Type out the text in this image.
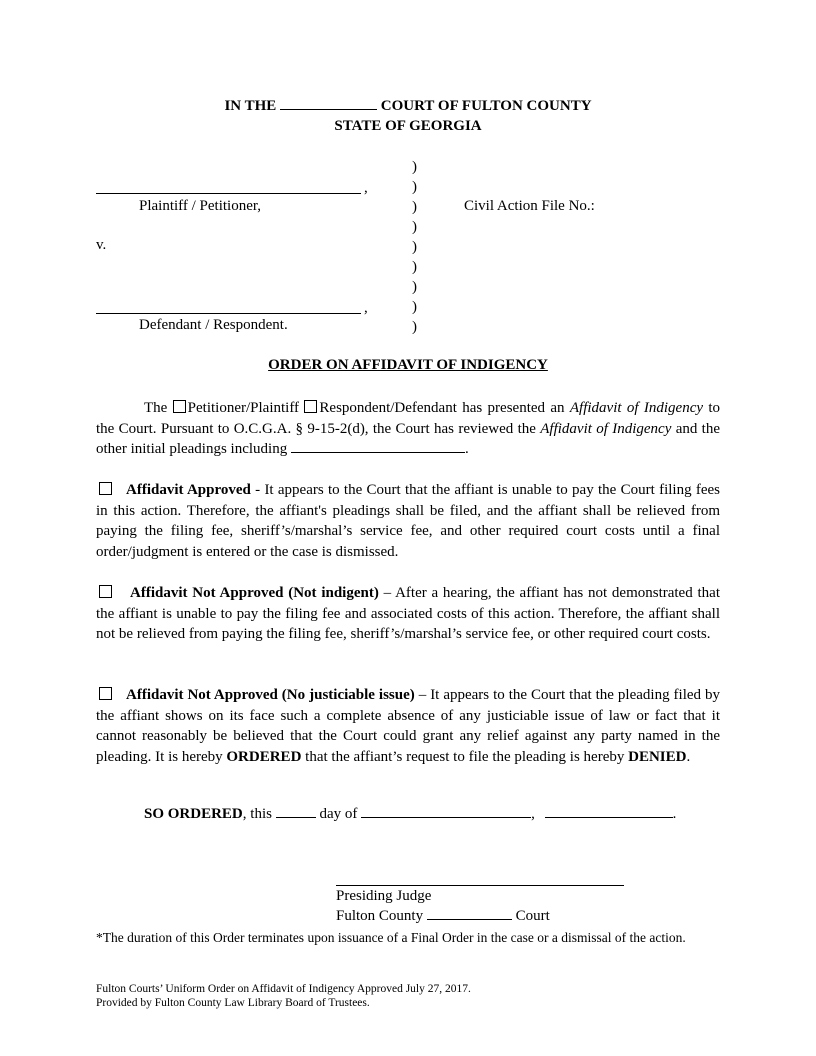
IN THE	COURT OF FULTON COUNTY
STATE OF GEORGIA
,
Plaintiff / Petitioner,
v.
,
Defendant / Respondent.
)
)
)
)
)
)
)
)
)
Civil Action File No.:
ORDER ON AFFIDAVIT OF INDIGENCY
The Petitioner/Plaintiff Respondent/Defendant has presented an Affidavit of Indigency to the Court. Pursuant to O.C.G.A. § 9-15-2(d), the Court has reviewed the Affidavit of Indigency and the other initial pleadings including	.
Affidavit Approved - It appears to the Court that the affiant is unable to pay the Court filing fees in this action. Therefore, the affiant's pleadings shall be filed, and the affiant shall be relieved from paying the filing fee, sheriff’s/marshal’s service fee, and other required court costs until a final order/judgment is entered or the case is dismissed.
Affidavit Not Approved (Not indigent) – After a hearing, the affiant has not demonstrated that the affiant is unable to pay the filing fee and associated costs of this action. Therefore, the affiant shall not be relieved from paying the filing fee, sheriff’s/marshal’s service fee, or other required court costs.
Affidavit Not Approved (No justiciable issue) – It appears to the Court that the pleading filed by the affiant shows on its face such a complete absence of any justiciable issue of law or fact that it cannot reasonably be believed that the Court could grant any relief against any party named in the pleading. It is hereby ORDERED that the affiant’s request to file the pleading is hereby DENIED.
SO ORDERED, this	day of	,	.
Presiding Judge
Fulton County	Court
*The duration of this Order terminates upon issuance of a Final Order in the case or a dismissal of the action.
Fulton Courts’ Uniform Order on Affidavit of Indigency Approved July 27, 2017.
Provided by Fulton County Law Library Board of Trustees.
